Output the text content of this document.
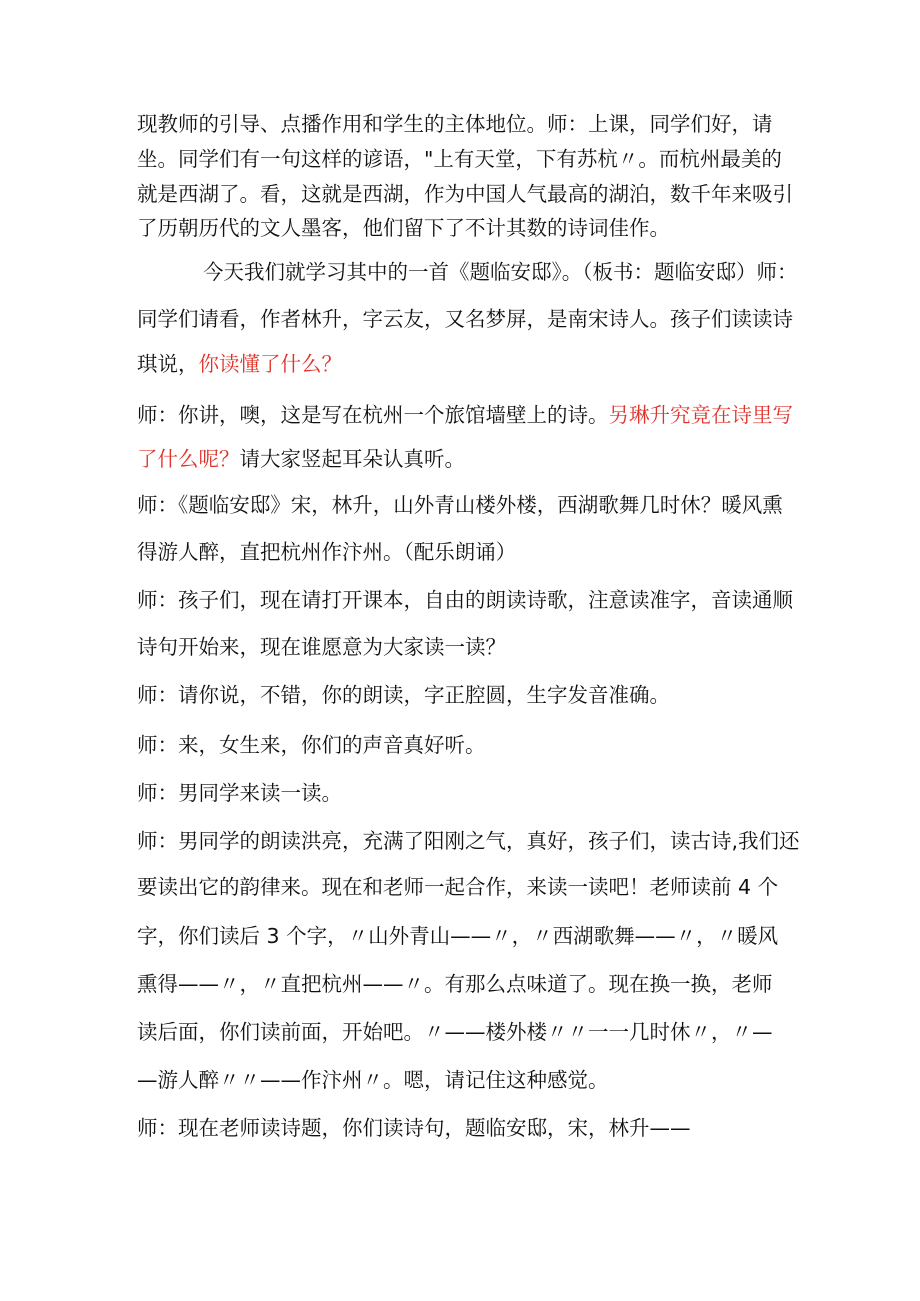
现教师的引导、点播作用和学生的主体地位。师：上课，同学们好，请
坐。同学们有一句这样的谚语，"上有天堂，下有苏杭〃。而杭州最美的
就是西湖了。看，这就是西湖，作为中国人气最高的湖泊，数千年来吸引
了历朝历代的文人墨客，他们留下了不计其数的诗词佳作。
今天我们就学习其中的一首《题临安邸》。（板书：题临安邸）师：
同学们请看，作者林升，字云友，又名梦屏，是南宋诗人。孩子们读读诗
琪说，你读懂了什么？
师：你讲，噢，这是写在杭州一个旅馆墙壁上的诗。另琳升究竟在诗里写
了什么呢？请大家竖起耳朵认真听。
师：《题临安邸》宋，林升，山外青山楼外楼，西湖歌舞几时休？暖风熏
得游人醉，直把杭州作汴州。（配乐朗诵）
师：孩子们，现在请打开课本，自由的朗读诗歌，注意读准字，音读通顺
诗句开始来，现在谁愿意为大家读一读？
师：请你说，不错，你的朗读，字正腔圆，生字发音准确。
师：来，女生来，你们的声音真好听。
师：男同学来读一读。
师：男同学的朗读洪亮，充满了阳刚之气，真好，孩子们，读古诗,我们还
要读出它的韵律来。现在和老师一起合作，来读一读吧！老师读前 4 个
字，你们读后 3 个字，〃山外青山——〃，〃西湖歌舞——〃，〃暖风
熏得——〃，〃直把杭州——〃。有那么点味道了。现在换一换，老师
读后面，你们读前面，开始吧。〃——楼外楼〃〃一一几时休〃，〃—
—游人醉〃〃——作汴州〃。嗯，请记住这种感觉。
师：现在老师读诗题，你们读诗句，题临安邸，宋，林升——
